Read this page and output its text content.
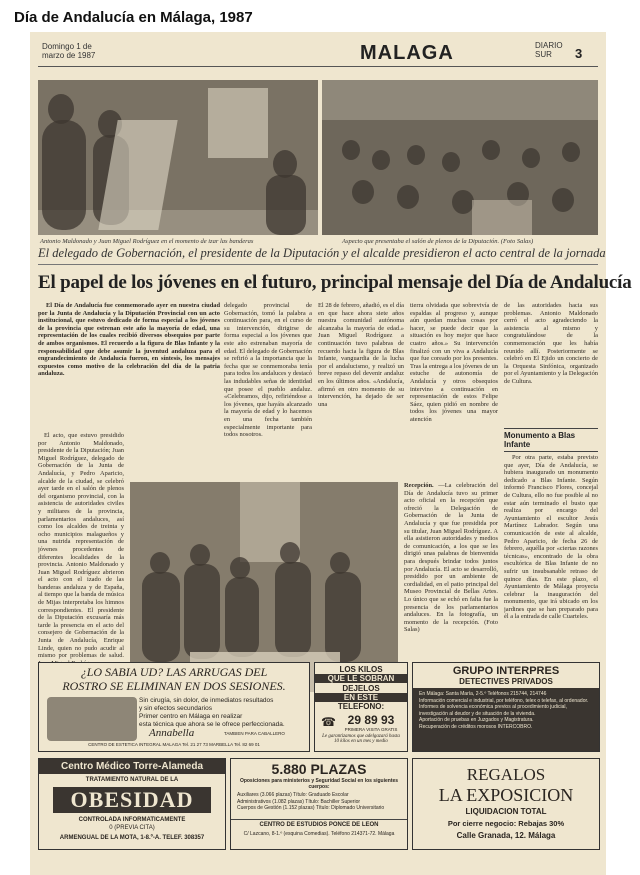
Día de Andalucía en Málaga, 1987
Domingo 1 de marzo de 1987	MALAGA	DIARIO SUR	3
Antonio Maldonado y Juan Miguel Rodríguez en el momento de izar las banderas	Aspecto que presentaba el salón de plenos de la Diputación. (Foto Salas)
El delegado de Gobernación, el presidente de la Diputación y el alcalde presidieron el acto central de la jornada
El papel de los jóvenes en el futuro, principal mensaje del Día de Andalucía
El Día de Andalucía fue conmemorado ayer en nuestra ciudad por la Junta de Andalucía y la Diputación Provincial con un acto institucional, que estuvo dedicado de forma especial a los jóvenes de la provincia que estrenan este año la mayoría de edad, una representación de los cuales recibió diversos obsequios por parte de ambos organismos. El recuerdo a la figura de Blas Infante y la responsabilidad que debe asumir la juventud andaluza para el engrandecimiento de Andalucía fueron, en síntesis, los mensajes expuestos como motivo de la celebración del día de la patria andaluza.
El acto, que estuvo presidido por Antonio Maldonado, presidente de la Diputación; Juan Miguel Rodríguez, delegado de Gobernación de la Junta de Andalucía, y Pedro Aparicio, alcalde de la ciudad, se celebró ayer tarde en el salón de plenos del organismo provincial, con la asistencia de autoridades civiles y militares de la provincia, parlamentarios andaluces, así como los alcaldes de treinta y ocho municipios malagueños y una nutrida representación de jóvenes procedentes de diferentes localidades de la provincia. Antonio Maldonado y Juan Miguel Rodríguez abrieron el acto con el izado de las banderas andaluza y de España, al tiempo que la banda de música de Mijas interpretaba los himnos correspondientes. El presidente de la Diputación excusaría más tarde la presencia en el acto del consejero de Gobernación de la Junta de Andalucía, Enrique Linde, quien no pudo acudir al mismo por problemas de salud.
delegado provincial de Gobernación, tomó la palabra a continuación para, en el curso de su intervención, dirigirse de forma especial a los jóvenes que este año estrenaban mayoría de edad. El delegado de Gobernación se refirió a la importancia que la fecha que se conmemoraba tenía para todos los andaluces y destacó las indudables señas de identidad que posee el pueblo andaluz. «Celebramos, dijo, refiriéndose a los jóvenes, que hayáis alcanzado la mayoría de edad y lo hacemos en una fecha también especialmente importante para todos nosotros.
El 28 de febrero, añadió, es el día en que hace ahora siete años nuestra comunidad autónoma alcanzaba la mayoría de edad.» Juan Miguel Rodríguez a continuación tuvo palabras de recuerdo hacia la figura de Blas Infante, vanguardia de la lucha por el andalucismo, y realizó un breve repaso del devenir andaluz en los últimos años. «Andalucía, afirmó en otro momento de su intervención, ha dejado de ser una
tierra olvidada que sobrevivía de espaldas al progreso y, aunque aún quedan muchas cosas por hacer, se puede decir que la situación es hoy mejor que hace cuatro años.» Su intervención finalizó con un viva a Andalucía que fue coreado por los presentes. Tras la entrega a los jóvenes de un estuche de autonomía de Andalucía y otros obsequios intervino a continuación en representación de estos Felipe Sáez, quien pidió en nombre de todos los jóvenes una mayor atención
de las autoridades hacia sus problemas. Antonio Maldonado cerró el acto agradeciendo la asistencia al mismo y congratulándose de la conmemoración que les había reunido allí. Posteriormente se celebró en El Ejido un concierto de la Orquesta Sinfónica, organizado por el Ayuntamiento y la Delegación de Cultura.
Monumento a Blas Infante
Por otra parte, estaba previsto que ayer, Día de Andalucía, se hubiera inaugurado un monumento dedicado a Blas Infante. Según informó Francisco Flores, concejal de Cultura, ello no fue posible al no estar aún terminado el busto que realiza por encargo del Ayuntamiento el escultor Jesús Martínez Labrador. Según una comunicación de este al alcalde, Pedro Aparicio, de fecha 26 de febrero, aquélla por «ciertas razones técnicas», encontrado de la obra escultórica de Blas Infante de no sufrir un insubsanable retraso de quince días. En este plazo, el Ayuntamiento de Málaga proyecta celebrar la inauguración del monumento, que irá ubicado en los jardines que se han preparado para él a la entrada de calle Cuarteles.
Recepción. —La celebración del Día de Andalucía tuvo su primer acto oficial en la recepción que ofreció la Delegación de Gobernación de la Junta de Andalucía y que fue presidida por su titular, Juan Miguel Rodríguez. A ella asistieron autoridades y medios de comunicación, a los que se les dirigió unas palabras de bienvenida para después brindar todos juntos por Andalucía. El acto se desarrolló, presidido por un ambiente de cordialidad, en el patio principal del Museo Provincial de Bellas Artes. Lo único que se echó en falta fue la presencia de los parlamentarios andaluces. En la fotografía, un momento de la recepción. (Foto Salas)
¿LO SABIA UD? LAS ARRUGAS DEL
ROSTRO SE ELIMINAN EN DOS SESIONES.
Sin cirugía, sin dolor, de inmediatos resultados
y sin efectos secundarios
Primer centro en Málaga en realizar
esta técnica que ahora se le ofrece perfeccionada.
Annabella	TAMBIEN PARA CABALLERO
CENTRO DE ESTETICA INTEGRAL MALAGA Tel. 21 27 73 MARBELLA Tel. 82 69 01
LOS KILOS
QUE LE SOBRAN
DEJELOS
EN ESTE
TELEFONO:
☎ 29 89 93
PRIMERA VISITA GRATIS
Le garantizamos que adelgazará hasta 10 kilos en un mes y medio
GRUPO INTERPRES
DETECTIVES PRIVADOS
En Málaga: Santa María, 2-5.º Teléfonos 215744, 214746
Información comercial e industrial, por teléfono, telex o telefax, al ordenador.
Informes de solvencia económica previos al procedimiento judicial, investigación al deudor y de situación de la vivienda.
Aportación de pruebas en Juzgados y Magistratura.
Recuperación de créditos morosos INTERCOBRO.
Centro Médico Torre-Alameda
TRATAMIENTO NATURAL DE LA
OBESIDAD
CONTROLADA INFORMATICAMENTE
0 (PREVIA CITA)
ARMENGUAL DE LA MOTA, 1-8.º-A. TELEF. 308357
5.880 PLAZAS
Oposiciones para ministerios y Seguridad Social en los siguientes cuerpos:
Auxiliares (3.066 plazas) Título: Graduado Escolar
Administrativos (1.082 plazas) Título: Bachiller Superior
Cuerpos de Gestión (1.152 plazas) Título: Diplomado Universitario
CENTRO DE ESTUDIOS PONCE DE LEON
C/ Lazcano, 8-1.º (esquina Comedias). Teléfono 214371-72. Málaga
REGALOS
LA EXPOSICION
LIQUIDACION TOTAL
Por cierre negocio: Rebajas 30%
Calle Granada, 12. Málaga
